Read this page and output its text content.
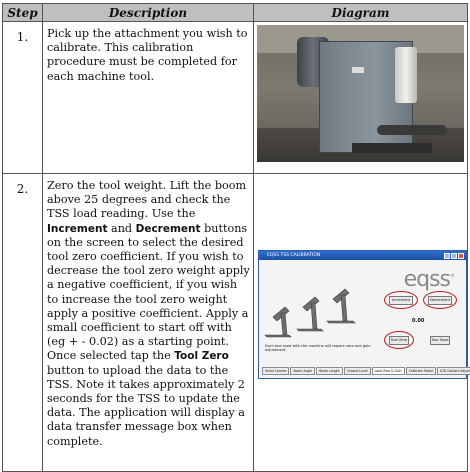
Step	Description	Diagram
1.	Pick up the attachment you wish to calibrate. This calibration procedure must be completed for each machine tool.	

2.	Zero the tool weight. Lift the boom above 25 degrees and check the TSS load reading. Use the Increment and Decrement buttons on the screen to select the desired tool zero coefficient. If you wish to decrease the tool zero weight apply a negative coefficient, if you wish to increase the tool zero weight apply a positive coefficient. Apply a small coefficient to start off with (eg + - 0.02) as a starting point.
Once selected tap the Tool Zero button to upload the data to the TSS. Note it takes approximately 2 seconds for the TSS to update the data. The application will display a data transfer message box when complete.	
EQSS TSS CALIBRATION
eqss®
Increment	Decrement
0.00
Tool Zero	Tool Save
Each tool used with the machine will require zero and gain adjustment.
Serial Comms	Boom Angle	Boom Length	Chassis Level	Load Zero & Gain	Calibrate Rated	LOD Contact Adjust
